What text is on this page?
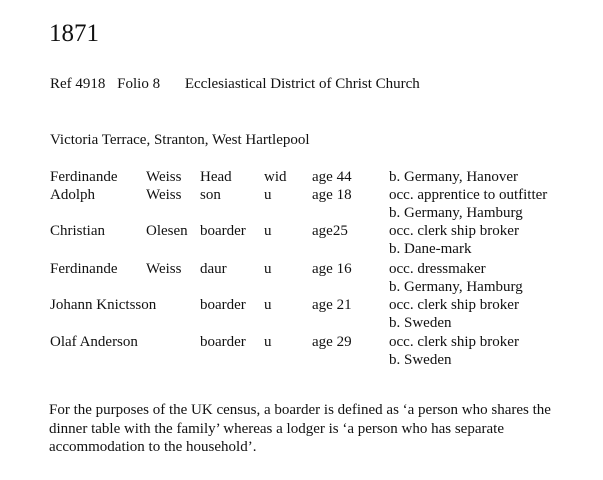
1871
Ref 4918 Folio 8 Ecclesiastical District of Christ Church
Victoria Terrace, Stranton, West Hartlepool
Ferdinande Weiss Head wid age 44 b. Germany, Hanover
Adolph	Weiss son	u	age 18 occ. apprentice to outfitter
b. Germany, Hamburg
Christian	Olesen boarder u	age25	occ. clerk ship broker
b. Dane-mark
Ferdinande Weiss daur u	age 16 occ. dressmaker
b. Germany, Hamburg
Johann Knictsson	boarder u	age 21 occ. clerk ship broker
b. Sweden
Olaf Anderson	boarder u	age 29 occ. clerk ship broker
b. Sweden
For the purposes of the UK census, a boarder is defined as ‘a person who shares the dinner table with the family’ whereas a lodger is ‘a person who has separate accommodation to the household’.
